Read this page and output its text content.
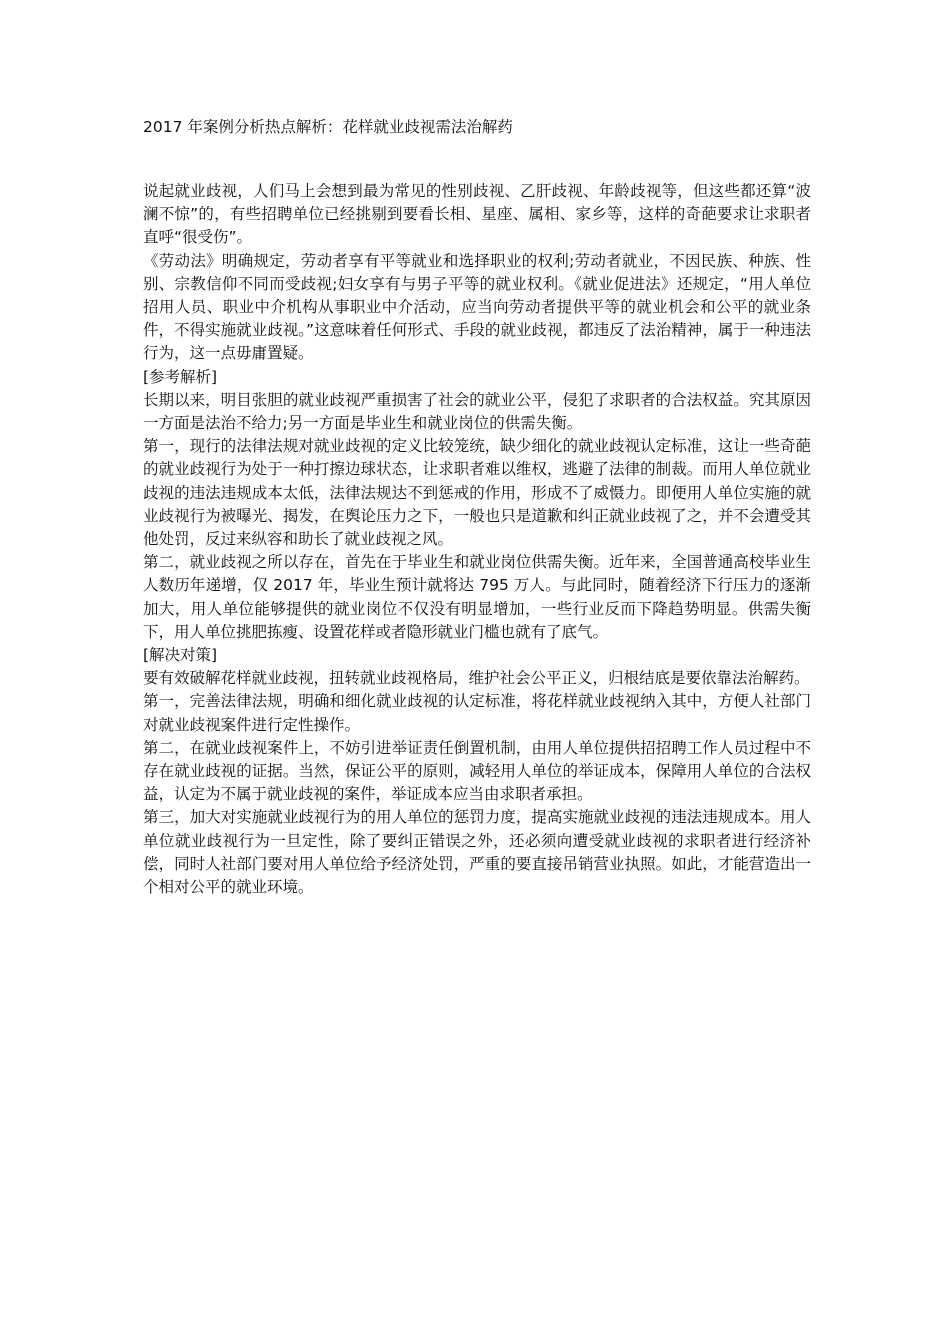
2017 年案例分析热点解析：花样就业歧视需法治解药

说起就业歧视，人们马上会想到最为常见的性别歧视、乙肝歧视、年龄歧视等，但这些都还算“波澜不惊”的，有些招聘单位已经挑剔到要看长相、星座、属相、家乡等，这样的奇葩要求让求职者直呼“很受伤”。

《劳动法》明确规定，劳动者享有平等就业和选择职业的权利;劳动者就业，不因民族、种族、性别、宗教信仰不同而受歧视;妇女享有与男子平等的就业权利。《就业促进法》还规定，“用人单位招用人员、职业中介机构从事职业中介活动，应当向劳动者提供平等的就业机会和公平的就业条件，不得实施就业歧视。”这意味着任何形式、手段的就业歧视，都违反了法治精神，属于一种违法行为，这一点毋庸置疑。

[参考解析]

长期以来，明目张胆的就业歧视严重损害了社会的就业公平，侵犯了求职者的合法权益。究其原因一方面是法治不给力;另一方面是毕业生和就业岗位的供需失衡。

第一，现行的法律法规对就业歧视的定义比较笼统，缺少细化的就业歧视认定标准，这让一些奇葩的就业歧视行为处于一种打擦边球状态，让求职者难以维权，逃避了法律的制裁。而用人单位就业歧视的违法违规成本太低，法律法规达不到惩戒的作用，形成不了威慑力。即便用人单位实施的就业歧视行为被曝光、揭发，在舆论压力之下，一般也只是道歉和纠正就业歧视了之，并不会遭受其他处罚，反过来纵容和助长了就业歧视之风。

第二，就业歧视之所以存在，首先在于毕业生和就业岗位供需失衡。近年来，全国普通高校毕业生人数历年递增，仅 2017 年，毕业生预计就将达 795 万人。与此同时，随着经济下行压力的逐渐加大，用人单位能够提供的就业岗位不仅没有明显增加，一些行业反而下降趋势明显。供需失衡下，用人单位挑肥拣瘦、设置花样或者隐形就业门槛也就有了底气。

[解决对策]

要有效破解花样就业歧视，扭转就业歧视格局，维护社会公平正义，归根结底是要依靠法治解药。

第一，完善法律法规，明确和细化就业歧视的认定标准，将花样就业歧视纳入其中，方便人社部门对就业歧视案件进行定性操作。

第二，在就业歧视案件上，不妨引进举证责任倒置机制，由用人单位提供招招聘工作人员过程中不存在就业歧视的证据。当然，保证公平的原则，减轻用人单位的举证成本，保障用人单位的合法权益，认定为不属于就业歧视的案件，举证成本应当由求职者承担。

第三，加大对实施就业歧视行为的用人单位的惩罚力度，提高实施就业歧视的违法违规成本。用人单位就业歧视行为一旦定性，除了要纠正错误之外，还必须向遭受就业歧视的求职者进行经济补偿，同时人社部门要对用人单位给予经济处罚，严重的要直接吊销营业执照。如此，才能营造出一个相对公平的就业环境。
